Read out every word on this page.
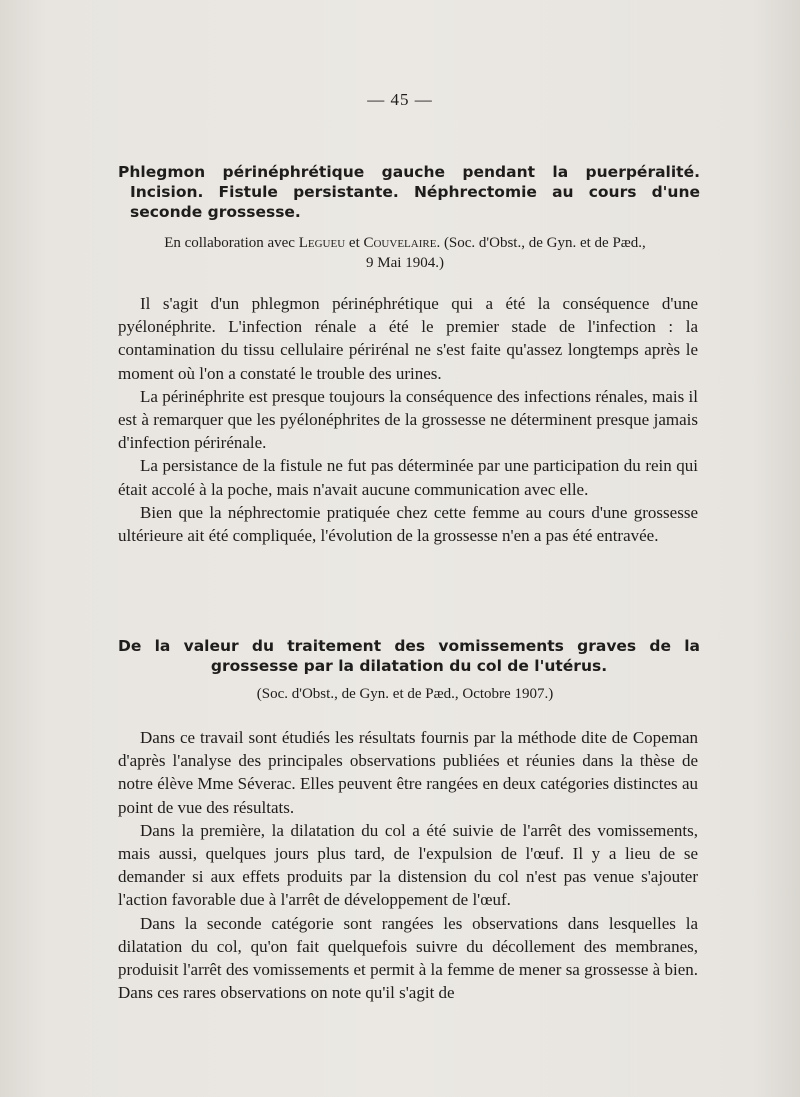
— 45 —
Phlegmon périnéphrétique gauche pendant la puerpéralité.
Incision. Fistule persistante. Néphrectomie au cours d'une
seconde grossesse.
En collaboration avec Legueu et Couvelaire. (Soc. d'Obst., de Gyn. et de Pæd.,
9 Mai 1904.)

Il s'agit d'un phlegmon périnéphrétique qui a été la conséquence d'une pyélonéphrite. L'infection rénale a été le premier stade de l'infection : la contamination du tissu cellulaire périrénal ne s'est faite qu'assez longtemps après le moment où l'on a constaté le trouble des urines.

La périnéphrite est presque toujours la conséquence des infections rénales, mais il est à remarquer que les pyélonéphrites de la grossesse ne déterminent presque jamais d'infection périrénale.

La persistance de la fistule ne fut pas déterminée par une participation du rein qui était accolé à la poche, mais n'avait aucune communication avec elle.

Bien que la néphrectomie pratiquée chez cette femme au cours d'une grossesse ultérieure ait été compliquée, l'évolution de la grossesse n'en a pas été entravée.

De la valeur du traitement des vomissements graves de la
grossesse par la dilatation du col de l'utérus.
(Soc. d'Obst., de Gyn. et de Pæd., Octobre 1907.)

Dans ce travail sont étudiés les résultats fournis par la méthode dite de Copeman d'après l'analyse des principales observations publiées et réunies dans la thèse de notre élève Mme Séverac. Elles peuvent être rangées en deux catégories distinctes au point de vue des résultats.

Dans la première, la dilatation du col a été suivie de l'arrêt des vomissements, mais aussi, quelques jours plus tard, de l'expulsion de l'œuf. Il y a lieu de se demander si aux effets produits par la distension du col n'est pas venue s'ajouter l'action favorable due à l'arrêt de développement de l'œuf.

Dans la seconde catégorie sont rangées les observations dans lesquelles la dilatation du col, qu'on fait quelquefois suivre du décollement des membranes, produisit l'arrêt des vomissements et permit à la femme de mener sa grossesse à bien. Dans ces rares observations on note qu'il s'agit de
